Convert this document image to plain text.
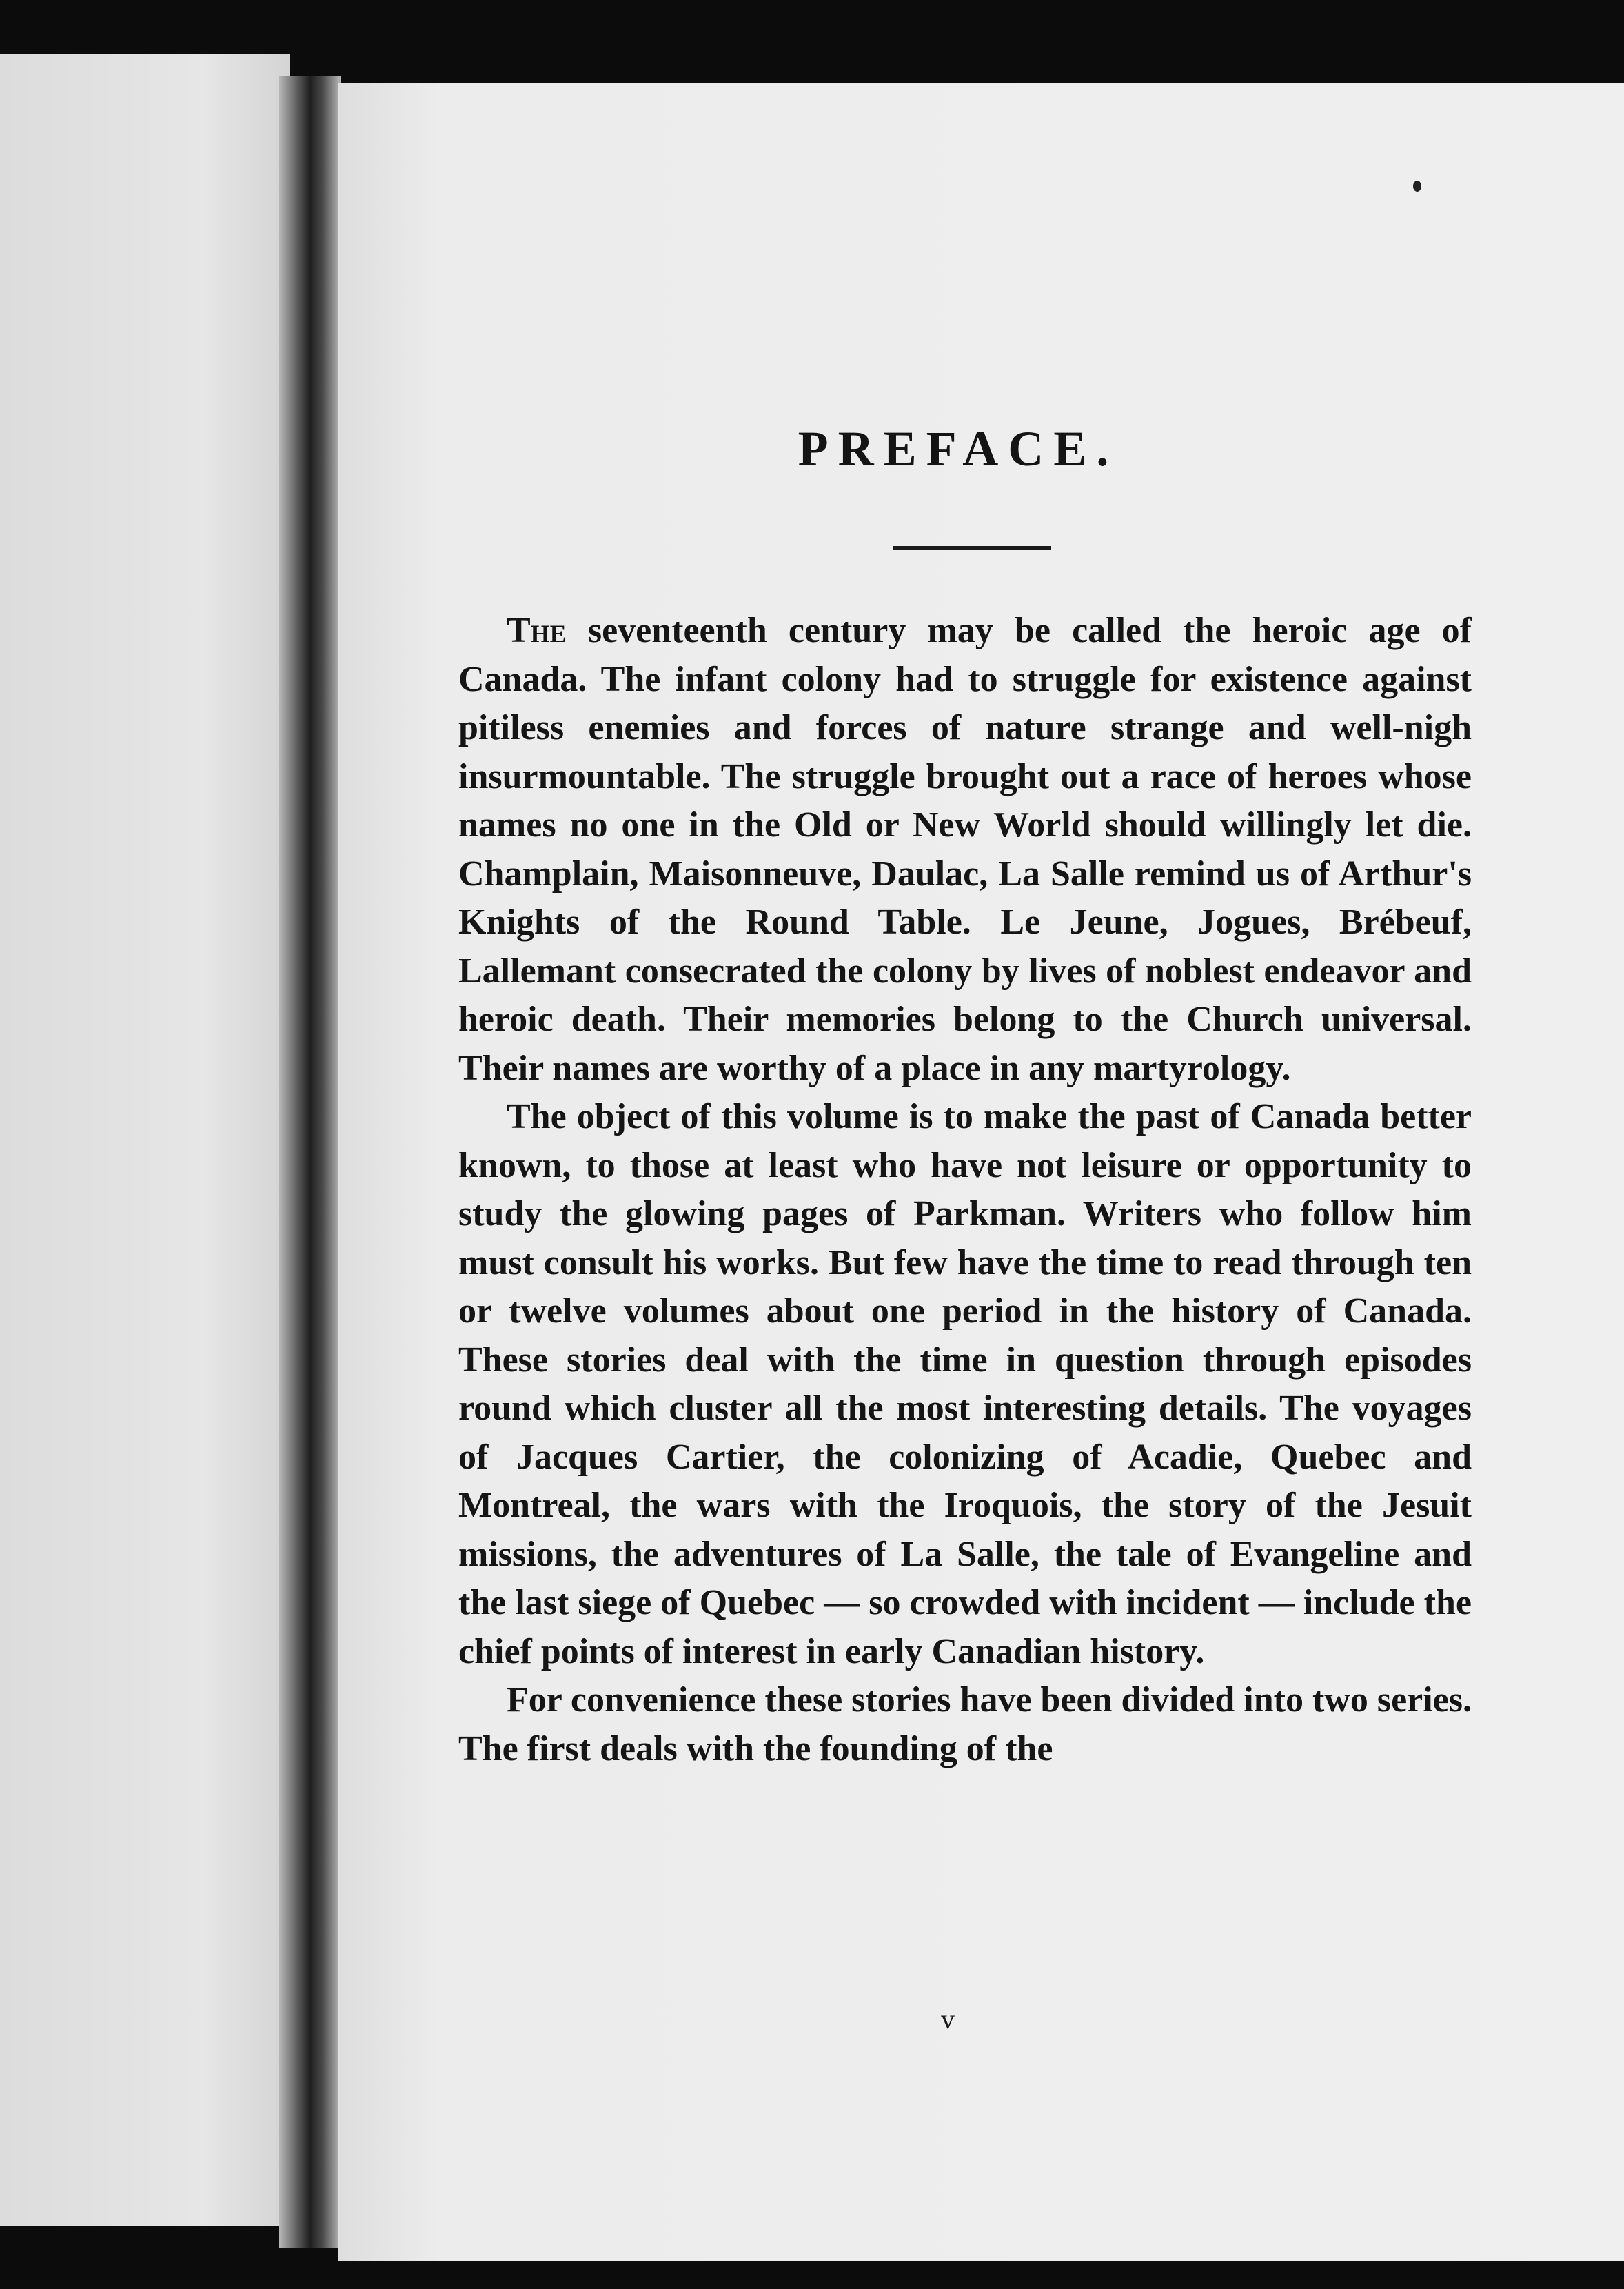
PREFACE.

The seventeenth century may be called the heroic age of Canada. The infant colony had to struggle for existence against pitiless enemies and forces of nature strange and well-nigh insurmountable. The struggle brought out a race of heroes whose names no one in the Old or New World should willingly let die. Champlain, Maisonneuve, Daulac, La Salle remind us of Arthur's Knights of the Round Table. Le Jeune, Jogues, Brébeuf, Lallemant consecrated the colony by lives of noblest endeavor and heroic death. Their memories belong to the Church universal. Their names are worthy of a place in any martyrology.

The object of this volume is to make the past of Canada better known, to those at least who have not leisure or opportunity to study the glowing pages of Parkman. Writers who follow him must consult his works. But few have the time to read through ten or twelve volumes about one period in the history of Canada. These stories deal with the time in question through episodes round which cluster all the most interesting details. The voyages of Jacques Cartier, the colonizing of Acadie, Quebec and Montreal, the wars with the Iroquois, the story of the Jesuit missions, the adventures of La Salle, the tale of Evangeline and the last siege of Quebec — so crowded with incident — include the chief points of interest in early Canadian history.

For convenience these stories have been divided into two series. The first deals with the founding of the

v
